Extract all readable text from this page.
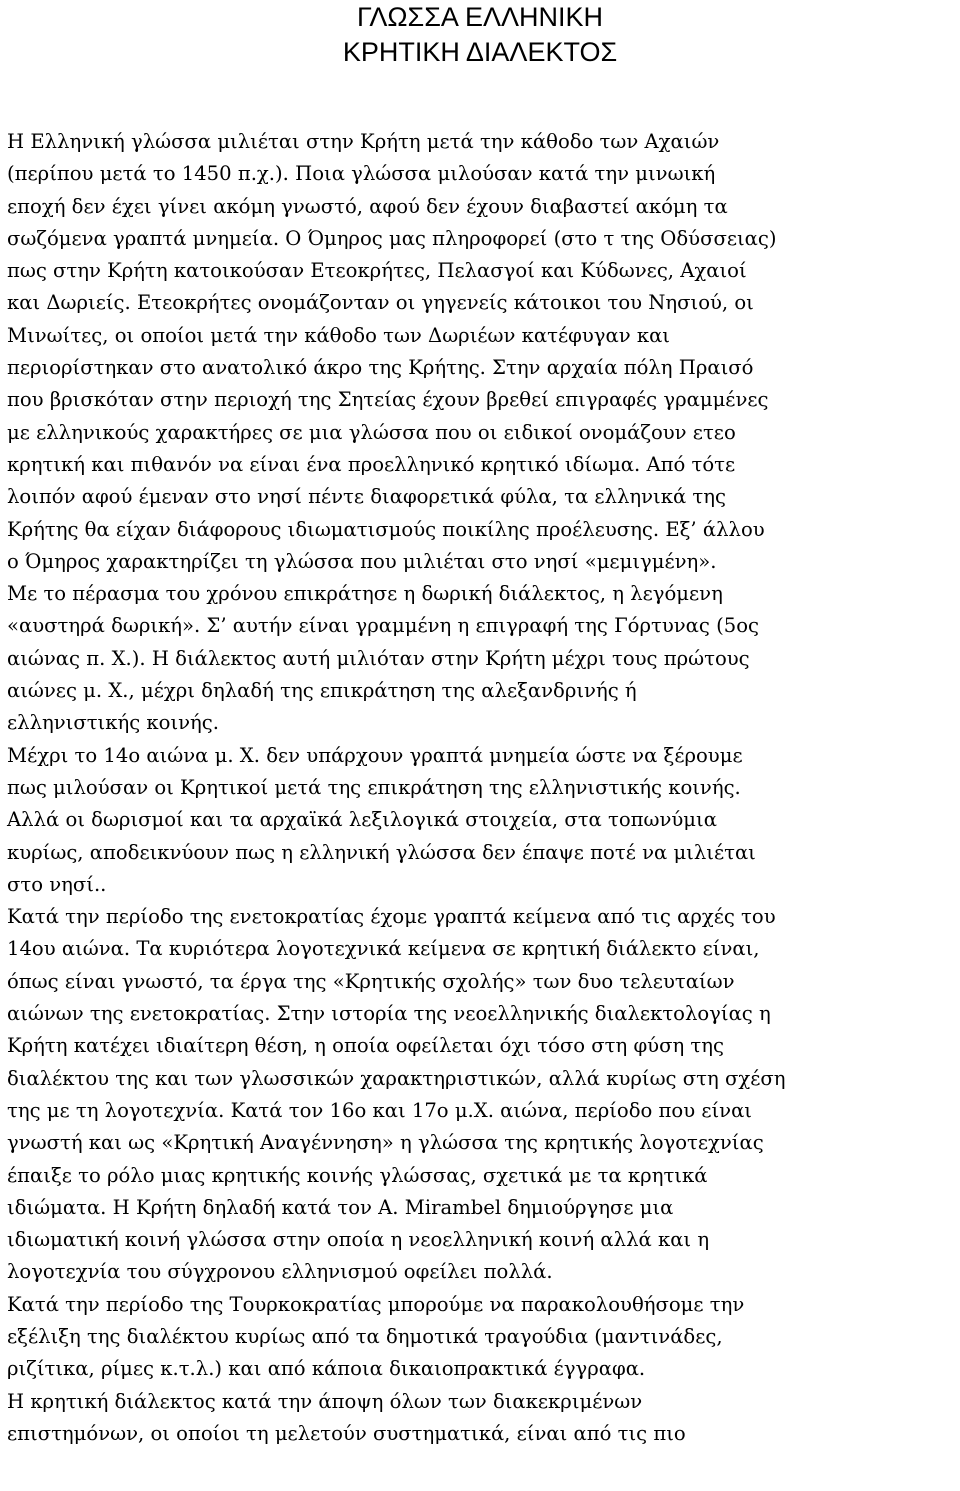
ΓΛΩΣΣΑ ΕΛΛΗΝΙΚΗ
ΚΡΗΤΙΚΗ ΔΙΑΛΕΚΤΟΣ
Η Ελληνική γλώσσα μιλιέται στην Κρήτη μετά την κάθοδο των Αχαιών
(περίπου μετά το 1450 π.χ.). Ποια γλώσσα μιλούσαν κατά την μινωική
εποχή δεν έχει γίνει ακόμη γνωστό, αφού δεν έχουν διαβαστεί ακόμη τα
σωζόμενα γραπτά μνημεία. Ο Όμηρος μας πληροφορεί (στο τ της Οδύσσειας)
πως στην Κρήτη κατοικούσαν Ετεοκρήτες, Πελασγοί και Κύδωνες, Αχαιοί
και Δωριείς. Ετεοκρήτες ονομάζονταν οι γηγενείς κάτοικοι του Νησιού, οι
Μινωίτες, οι οποίοι μετά την κάθοδο των Δωριέων κατέφυγαν και
περιορίστηκαν στο ανατολικό άκρο της Κρήτης. Στην αρχαία πόλη Πραισό
που βρισκόταν στην περιοχή της Σητείας έχουν βρεθεί επιγραφές γραμμένες
με ελληνικούς χαρακτήρες σε μια γλώσσα που οι ειδικοί ονομάζουν ετεο
κρητική και πιθανόν να είναι ένα προελληνικό κρητικό ιδίωμα. Από τότε
λοιπόν αφού έμεναν στο νησί πέντε διαφορετικά φύλα, τα ελληνικά της
Κρήτης θα είχαν διάφορους ιδιωματισμούς ποικίλης προέλευσης. Εξ’ άλλου
ο Όμηρος χαρακτηρίζει τη γλώσσα που μιλιέται στο νησί «μεμιγμένη».
Με το πέρασμα του χρόνου επικράτησε η δωρική διάλεκτος, η λεγόμενη
«αυστηρά δωρική». Σ’ αυτήν είναι γραμμένη η επιγραφή της Γόρτυνας (5ος
αιώνας π. Χ.). Η διάλεκτος αυτή μιλιόταν στην Κρήτη μέχρι τους πρώτους
αιώνες μ. Χ., μέχρι δηλαδή της επικράτηση της αλεξανδρινής ή
ελληνιστικής κοινής.
Μέχρι το 14ο αιώνα μ. Χ. δεν υπάρχουν γραπτά μνημεία ώστε να ξέρουμε
πως μιλούσαν οι Κρητικοί μετά της επικράτηση της ελληνιστικής κοινής.
Αλλά οι δωρισμοί και τα αρχαϊκά λεξιλογικά στοιχεία, στα τοπωνύμια
κυρίως, αποδεικνύουν πως η ελληνική γλώσσα δεν έπαψε ποτέ να μιλιέται
στο νησί..
Κατά την περίοδο της ενετοκρατίας έχομε γραπτά κείμενα από τις αρχές του
14ου αιώνα. Τα κυριότερα λογοτεχνικά κείμενα σε κρητική διάλεκτο είναι,
όπως είναι γνωστό, τα έργα της «Κρητικής σχολής» των δυο τελευταίων
αιώνων της ενετοκρατίας. Στην ιστορία της νεοελληνικής διαλεκτολογίας η
Κρήτη κατέχει ιδιαίτερη θέση, η οποία οφείλεται όχι τόσο στη φύση της
διαλέκτου της και των γλωσσικών χαρακτηριστικών, αλλά κυρίως στη σχέση
της με τη λογοτεχνία. Κατά τον 16ο και 17ο μ.Χ. αιώνα, περίοδο που είναι
γνωστή και ως «Κρητική Αναγέννηση» η γλώσσα της κρητικής λογοτεχνίας
έπαιξε το ρόλο μιας κρητικής κοινής γλώσσας, σχετικά με τα κρητικά
ιδιώματα. Η Κρήτη δηλαδή κατά τον Α. Mirambel δημιούργησε μια
ιδιωματική κοινή γλώσσα στην οποία η νεοελληνική κοινή αλλά και η
λογοτεχνία του σύγχρονου ελληνισμού οφείλει πολλά.
Κατά την περίοδο της Τουρκοκρατίας μπορούμε να παρακολουθήσομε την
εξέλιξη της διαλέκτου κυρίως από τα δημοτικά τραγούδια (μαντινάδες,
ριζίτικα, ρίμες κ.τ.λ.) και από κάποια δικαιοπρακτικά έγγραφα.
Η κρητική διάλεκτος κατά την άποψη όλων των διακεκριμένων
επιστημόνων, οι οποίοι τη μελετούν συστηματικά, είναι από τις πιο
